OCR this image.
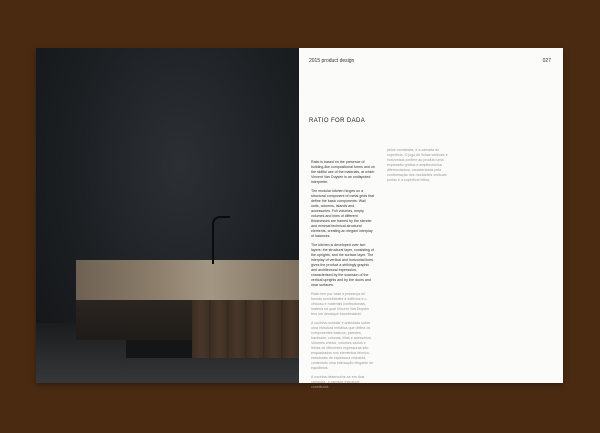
2015 product design	027
RATIO FOR DADA

Ratio is based on the presence of building-like compositional forms and on the skillful use of the materials, at which Vincent Van Duysen is an undisputed interpreter.

The modular kitchen hinges on a structural component of metal grids that define the basic components: Wall units, columns, islands and accessories. Full volumes, empty volumes and lines of different thicknesses are framed by the slender and minimal technical-structural elements, creating an elegant interplay of balances.

The kitchen is developed over two layers: the structural layer, consisting of the uprights, and the surface layer. The interplay of vertical and horizontal lines gives the product a strikingly graphic and architectural expression, characterised by the scansion of the vertical uprights and by the doors and near surfaces.

Ratio tem por base a presença de formas semelhantes a edifícios e o virtuoso e materiais confeccionais, matéria na qual Vincent Van Duysen tem um destaque incontestável.

A cozinha modular é articulada sobre uma estrutura metálica que define os componentes básicos: paredes, hardware, colunas, ilhas e acessórios. Volumes cheios, volumes vazios e linhas de diferentes espessuras são enquadrados nos elementos técnico-estruturais de espessura reduzida, conferindo uma interacção elegante de equilíbrios.

A cozinha desenvolve-se em dois camadas: a camada estrutural, constituída

pelos montantes, e a camada de superfície. O jogo de linhas verticais e horizontais confere ao produto uma expressão gráfica e arquitectónica diferenciadora, caracterizada pela conformação dos montantes verticais portas e a superfície feitos.
